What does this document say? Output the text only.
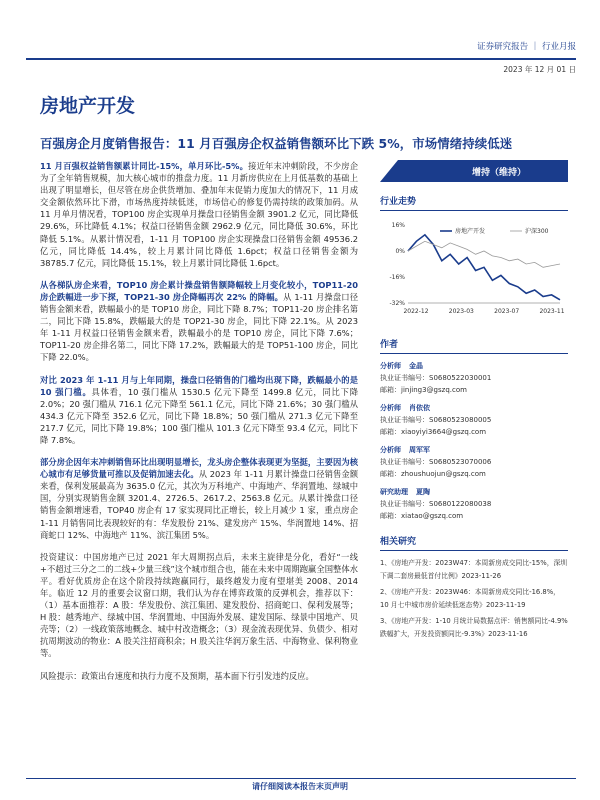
证券研究报告 ｜ 行业月报
2023 年 12 月 01 日
房地产开发
百强房企月度销售报告：11 月百强房企权益销售额环比下跌 5%，市场情绪持续低迷

11 月百强权益销售额累计同比-15%，单月环比-5%。接近年末冲刺阶段，不少房企为了全年销售规模，加大核心城市的推盘力度。11 月新房供应在上月低基数的基础上出现了明显增长，但尽管在房企供货增加、叠加年末促销力度加大的情况下，11 月成交金额依然环比下滑，市场热度持续低迷，市场信心的修复仍需持续的政策加码。从 11 月单月情况看，TOP100 房企实现单月操盘口径销售金额 3901.2 亿元，同比降低 29.6%，环比降低 4.1%；权益口径销售金额 2962.9 亿元，同比降低 30.6%，环比降低 5.1%。从累计情况看，1-11 月 TOP100 房企实现操盘口径销售金额 49536.2 亿元，同比降低 14.4%，较上月累计同比降低 1.6pct；权益口径销售金额为 38785.7 亿元，同比降低 15.1%，较上月累计同比降低 1.6pct。

从各梯队房企来看，TOP10 房企累计操盘销售额降幅较上月变化较小，TOP11-20 房企跌幅进一步下探，TOP21-30 房企降幅再次 22% 的降幅。从 1-11 月操盘口径销售金额来看，跌幅最小的是 TOP10 房企，同比下降 8.7%；TOP11-20 房企排名第二，同比下降 15.8%，跌幅最大的是 TOP21-30 房企，同比下降 22.1%。从 2023 年 1-11 月权益口径销售金额来看，跌幅最小的是 TOP10 房企，同比下降 7.6%；TOP11-20 房企排名第二，同比下降 17.2%，跌幅最大的是 TOP51-100 房企，同比下降 22.0%。

对比 2023 年 1-11 月与上年同期，操盘口径销售的门槛均出现下降，跌幅最小的是 10 强门槛。具体看，10 强门槛从 1530.5 亿元下降至 1499.8 亿元，同比下降 2.0%；20 强门槛从 716.1 亿元下降至 561.1 亿元，同比下降 21.6%；30 强门槛从 434.3 亿元下降至 352.6 亿元，同比下降 18.8%；50 强门槛从 271.3 亿元下降至 217.7 亿元，同比下降 19.8%；100 强门槛从 101.3 亿元下降至 93.4 亿元，同比下降 7.8%。

部分房企因年末冲刺销售环比出现明显增长，龙头房企整体表现更为坚挺，主要因为核心城市有足够货量可推以及促销加速去化。从 2023 年 1-11 月累计操盘口径销售金额来看，保利发展最高为 3635.0 亿元，其次为万科地产、中海地产、华润置地、绿城中国，分别实现销售金额 3201.4、2726.5、2617.2、2563.8 亿元。从累计操盘口径销售金额增速看，TOP40 房企有 17 家实现同比正增长，较上月减少 1 家，重点房企 1-11 月销售同比表现较好的有：华发股份 21%、建发房产 15%、华润置地 14%、招商蛇口 12%、中海地产 11%、滨江集团 5%。

投资建议：中国房地产已过 2021 年大周期拐点后，未来主旋律是分化，看好“一线+不超过三分之二的二线+少量三线”这个城市组合也，能在未来中周期跑赢全国整体水平。看好优质房企在这个阶段持续跑赢同行，最终越发力度有望堪美 2008、2014 年。临近 12 月的重要会议窗口期，我们认为存在博弈政策的反弹机会，推荐以下：（1）基本面推荐：A 股：华发股份、滨江集团、建发股份、招商蛇口、保利发展等；H 股：越秀地产、绿城中国、华润置地、中国海外发展、建发国际、绿景中国地产、贝壳等；（2）一线政策落地概念、城中村改造概念；（3）现金流表现优异、负债少、相对抗周期波动的物业：A 股关注招商积余；H 股关注华润万象生活、中海物业、保利物业等。

风险提示：政策出台速度和执行力度不及预期，基本面下行引发违约反应。

增持（维持）
行业走势
16%
0%
-16%
-32%
2022-12	2023-03	2023-07	2023-11
房地产开发	沪深300
作者
分析师 金晶
执业证书编号：S0680522030001
邮箱：jinjing3@gszq.com
分析师 肖依依
执业证书编号：S0680523080005
邮箱：xiaoyiyi3664@gszq.com
分析师 周军军
执业证书编号：S0680523070006
邮箱：zhoushuojun@gszq.com
研究助理 夏陶
执业证书编号：S0680122080038
邮箱：xiatao@gszq.com
相关研究
1、《房地产开发：2023W47：本周新房成交同比-15%，深圳下调二套房最低首付比例》2023-11-26
2、《房地产开发：2023W46：本周新房成交同比-16.8%，10 月七中城市房价延续低迷态势》2023-11-19
3、《房地产开发：1-10 月统计局数据点评：销售额同比-4.9%跌幅扩大，开发投资额同比-9.3%》2023-11-16
请仔细阅读本报告末页声明
